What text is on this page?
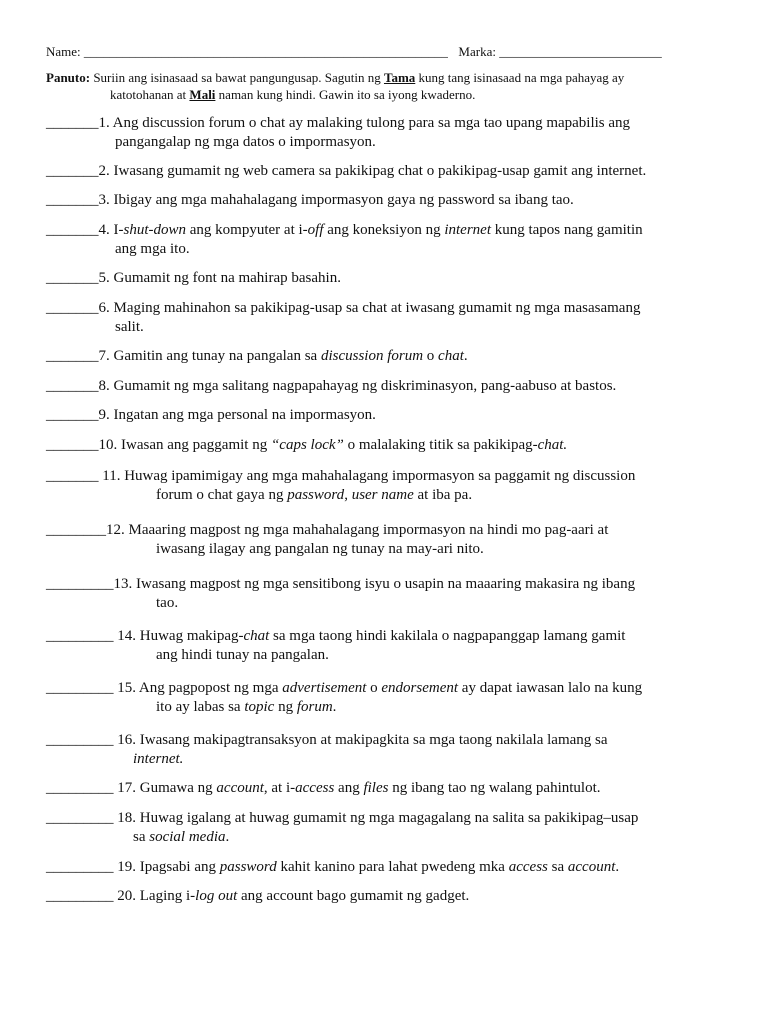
Name: ________________________________________________________ Marka: _________________________
Panuto: Suriin ang isinasaad sa bawat pangungusap. Sagutin ng Tama kung tang isinasaad na mga pahayag ay
katotohanan at Mali naman kung hindi. Gawin ito sa iyong kwaderno.
_______1. Ang discussion forum o chat ay malaking tulong para sa mga tao upang mapabilis ang
pangangalap ng mga datos o impormasyon.
_______2. Iwasang gumamit ng web camera sa pakikipag chat o pakikipag-usap gamit ang internet.
_______3. Ibigay ang mga mahahalagang impormasyon gaya ng password sa ibang tao.
_______4. I-shut-down ang kompyuter at i-off ang koneksiyon ng internet kung tapos nang gamitin
ang mga ito.
_______5. Gumamit ng font na mahirap basahin.
_______6. Maging mahinahon sa pakikipag-usap sa chat at iwasang gumamit ng mga masasamang
salit.
_______7. Gamitin ang tunay na pangalan sa discussion forum o chat.
_______8. Gumamit ng mga salitang nagpapahayag ng diskriminasyon, pang-aabuso at bastos.
_______9. Ingatan ang mga personal na impormasyon.
_______10. Iwasan ang paggamit ng “caps lock” o malalaking titik sa pakikipag-chat.
_______ 11. Huwag ipamimigay ang mga mahahalagang impormasyon sa paggamit ng discussion
forum o chat gaya ng password, user name at iba pa.
________12. Maaaring magpost ng mga mahahalagang impormasyon na hindi mo pag-aari at
iwasang ilagay ang pangalan ng tunay na may-ari nito.
_________13. Iwasang magpost ng mga sensitibong isyu o usapin na maaaring makasira ng ibang
tao.
_________ 14. Huwag makipag-chat sa mga taong hindi kakilala o nagpapanggap lamang gamit
ang hindi tunay na pangalan.
_________ 15. Ang pagpopost ng mga advertisement o endorsement ay dapat iawasan lalo na kung
ito ay labas sa topic ng forum.
_________ 16. Iwasang makipagtransaksyon at makipagkita sa mga taong nakilala lamang sa
internet.
_________ 17. Gumawa ng account, at i-access ang files ng ibang tao ng walang pahintulot.
_________ 18. Huwag igalang at huwag gumamit ng mga magagalang na salita sa pakikipag–usap
sa social media.
_________ 19. Ipagsabi ang password kahit kanino para lahat pwedeng mka access sa account.
_________ 20. Laging i-log out ang account bago gumamit ng gadget.
